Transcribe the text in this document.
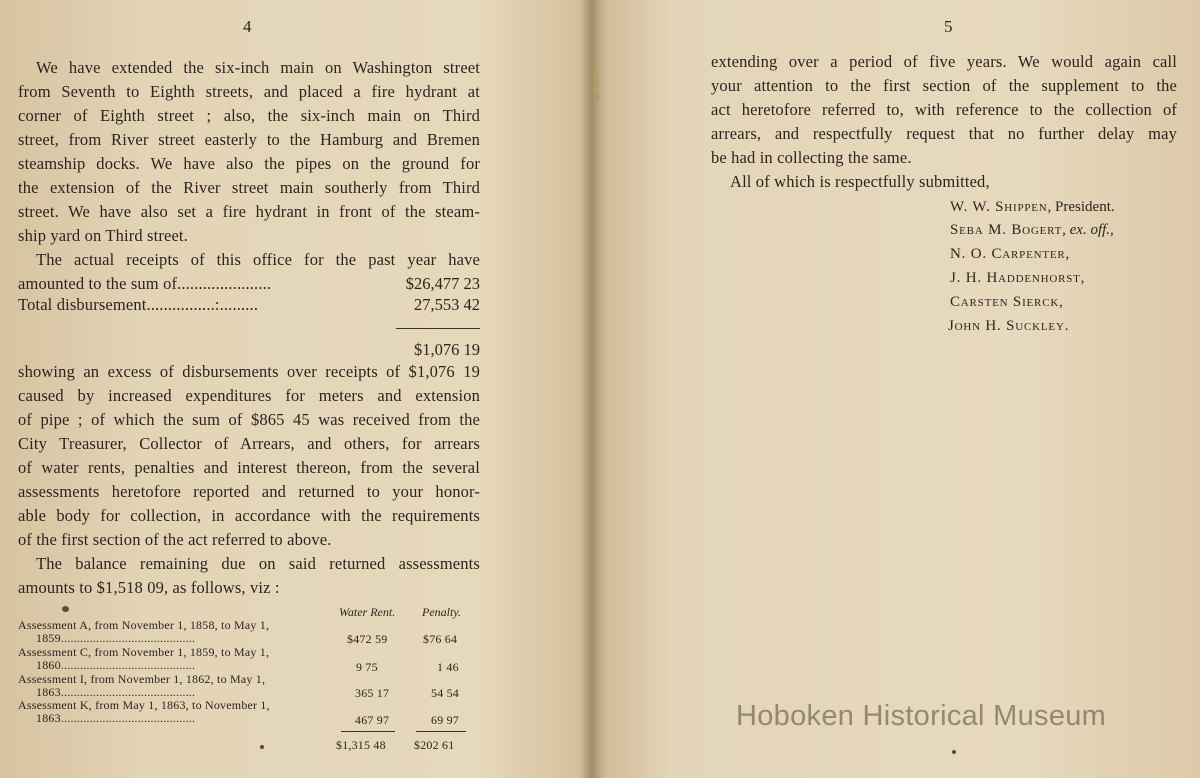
4
We have extended the six-inch main on Washington street
from Seventh to Eighth streets, and placed a fire hydrant at
corner of Eighth street ; also, the six-inch main on Third
street, from River street easterly to the Hamburg and Bremen
steamship docks. We have also the pipes on the ground for
the extension of the River street main southerly from Third
street. We have also set a fire hydrant in front of the steam-
ship yard on Third street.
The actual receipts of this office for the past year have
amounted to the sum of......................	$26,477 23
Total disbursement................:.........	27,553 42
$1,076 19
showing an excess of disbursements over receipts of $1,076 19
caused by increased expenditures for meters and extension
of pipe ; of which the sum of $865 45 was received from the
City Treasurer, Collector of Arrears, and others, for arrears
of water rents, penalties and interest thereon, from the several
assessments heretofore reported and returned to your honor-
able body for collection, in accordance with the requirements
of the first section of the act referred to above.
The balance remaining due on said returned assessments
amounts to $1,518 09, as follows, viz :
Water Rent. Penalty.
Assessment A, from November 1, 1858, to May 1,
1859..........................................	$472 59	$76 64
Assessment C, from November 1, 1859, to May 1,
1860..........................................	9 75	1 46
Assessment I, from November 1, 1862, to May 1,
1863..........................................	365 17	54 54
Assessment K, from May 1, 1863, to November 1,
1863..........................................	467 97	69 97
$1,315 48 $202 61
5
extending over a period of five years. We would again call
your attention to the first section of the supplement to the
act heretofore referred to, with reference to the collection of
arrears, and respectfully request that no further delay may
be had in collecting the same.
All of which is respectfully submitted,
W. W. Shippen, President.
Seba M. Bogert, ex. off.,
N. O. Carpenter,
J. H. Haddenhorst,
Carsten Sierck,
John H. Suckley.
Hoboken Historical Museum
